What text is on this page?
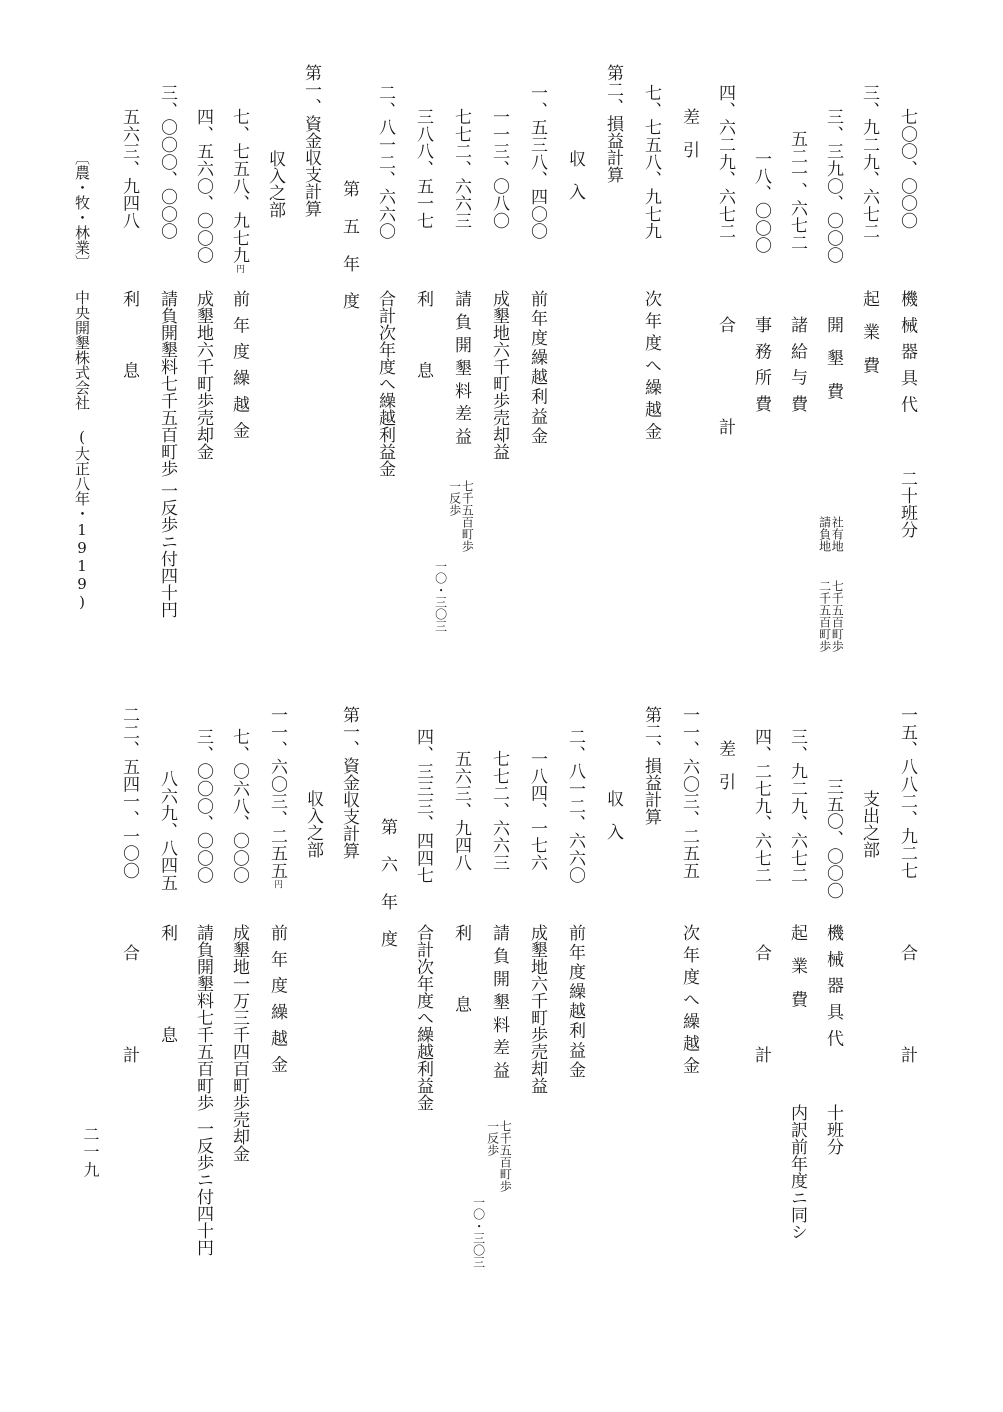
七〇〇、〇〇〇
機械器具代
二十班分
三、九二九、六七二
起業費
三、三九〇、〇〇〇
開墾費
社有地
請負地
七千五百町歩
二千五百町歩
五二一、六七二
諸給与費
一八、〇〇〇
事務所費
四、六二九、六七二
合計
差引
七、七五八、九七九
次年度へ繰越金
第二、損益計算
収入
一、五三八、四〇〇
前年度繰越利益金
一一三、〇八〇
成墾地六千町歩売却益
七七二、六六三
請負開墾料差益
七千五百町歩
一反歩
一〇・三〇三
三八八、五一七
利息
二、八一二、六六〇
合計次年度へ繰越利益金
第五年度
第一、資金収支計算
収入之部
七、七五八、九七九円
前年度繰越金
四、五六〇、〇〇〇
成墾地六千町歩売却金
三、〇〇〇、〇〇〇
請負開墾料七千五百町歩
一反歩ニ付四十円
五六三、九四八
利息
〔農・牧・林業〕
中央開墾株式会社 (大正八年・1919)
一五、八八二、九二七
合計
支出之部
三五〇、〇〇〇
機械器具代
十班分
三、九二九、六七二
起業費
内訳前年度ニ同シ
四、二七九、六七二
合計
差引
一一、六〇三、二五五
次年度へ繰越金
第二、損益計算
収入
二、八一二、六六〇
前年度繰越利益金
一八四、一七六
成墾地六千町歩売却益
七七二、六六三
請負開墾料差益
七千五百町歩
一反歩
一〇・三〇三
五六三、九四八
利息
四、三三三、四四七
合計次年度へ繰越利益金
第六年度
第一、資金収支計算
収入之部
一一、六〇三、二五五円
前年度繰越金
七、〇六八、〇〇〇
成墾地一万三千四百町歩売却金
三、〇〇〇、〇〇〇
請負開墾料七千五百町歩
一反歩ニ付四十円
八六九、八四五
利息
二二、五四一、一〇〇
合計
二一九
